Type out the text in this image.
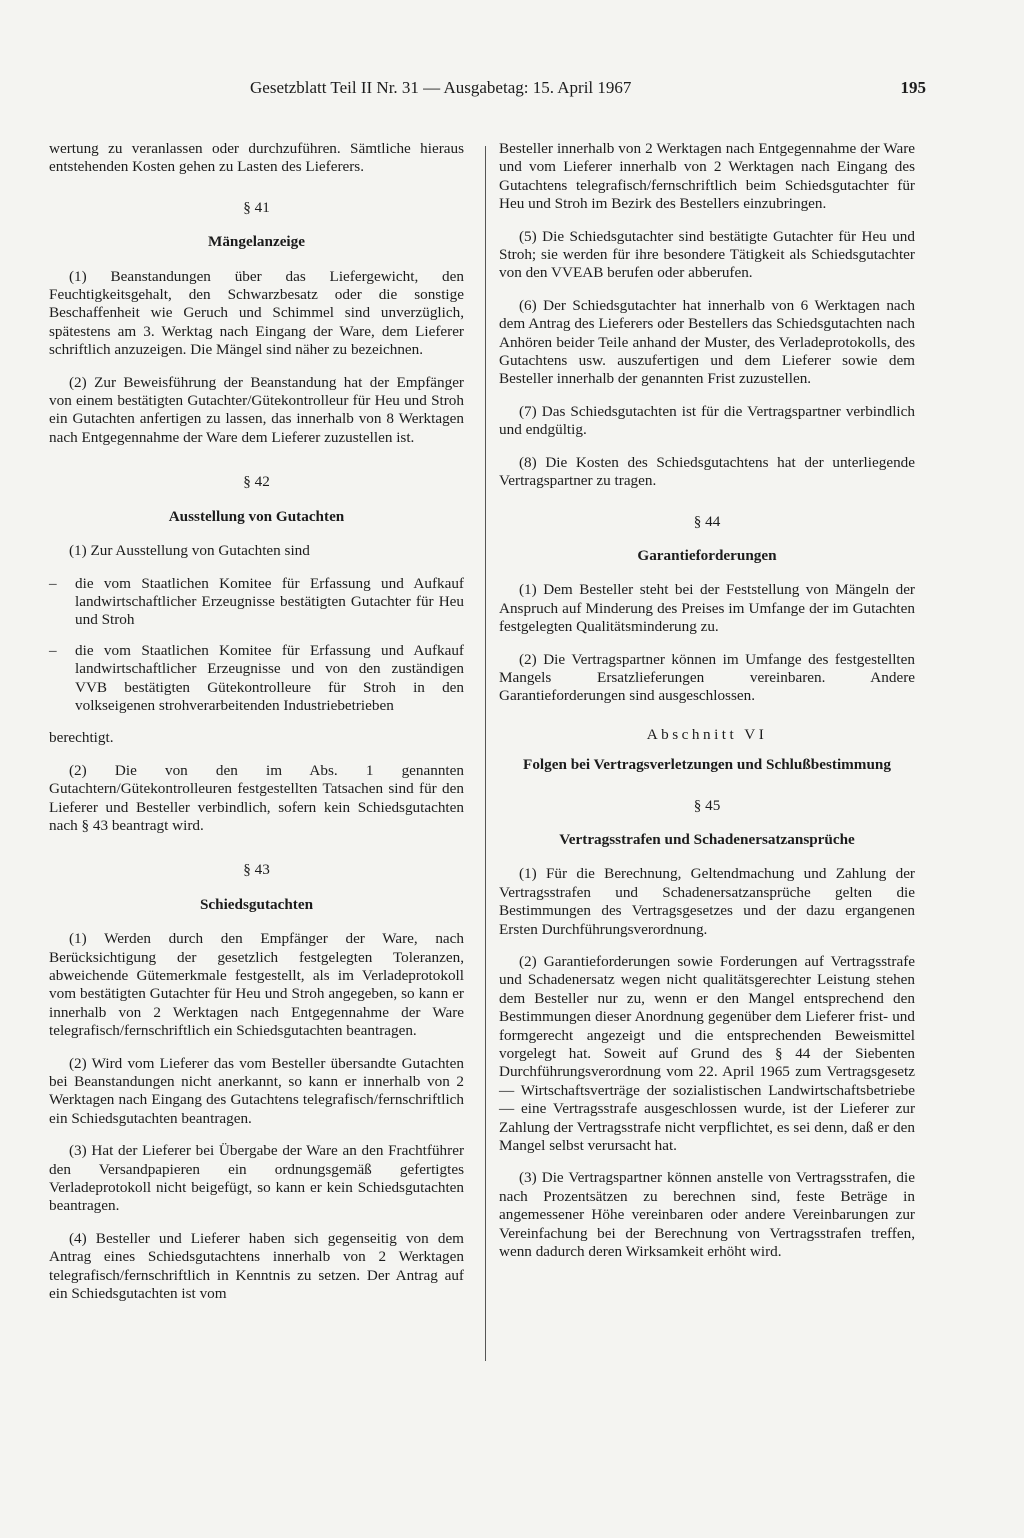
Gesetzblatt Teil II Nr. 31 — Ausgabetag: 15. April 1967	195

wertung zu veranlassen oder durchzuführen. Sämtliche hieraus entstehenden Kosten gehen zu Lasten des Lieferers.

§ 41
Mängelanzeige

(1) Beanstandungen über das Liefergewicht, den Feuchtigkeitsgehalt, den Schwarzbesatz oder die sonstige Beschaffenheit wie Geruch und Schimmel sind unverzüglich, spätestens am 3. Werktag nach Eingang der Ware, dem Lieferer schriftlich anzuzeigen. Die Mängel sind näher zu bezeichnen.

(2) Zur Beweisführung der Beanstandung hat der Empfänger von einem bestätigten Gutachter/Gütekontrolleur für Heu und Stroh ein Gutachten anfertigen zu lassen, das innerhalb von 8 Werktagen nach Entgegennahme der Ware dem Lieferer zuzustellen ist.

§ 42
Ausstellung von Gutachten

(1) Zur Ausstellung von Gutachten sind

– die vom Staatlichen Komitee für Erfassung und Aufkauf landwirtschaftlicher Erzeugnisse bestätigten Gutachter für Heu und Stroh
– die vom Staatlichen Komitee für Erfassung und Aufkauf landwirtschaftlicher Erzeugnisse und von den zuständigen VVB bestätigten Gütekontrolleure für Stroh in den volkseigenen strohverarbeitenden Industriebetrieben

berechtigt.

(2) Die von den im Abs. 1 genannten Gutachtern/Gütekontrolleuren festgestellten Tatsachen sind für den Lieferer und Besteller verbindlich, sofern kein Schiedsgutachten nach § 43 beantragt wird.

§ 43
Schiedsgutachten

(1) Werden durch den Empfänger der Ware, nach Berücksichtigung der gesetzlich festgelegten Toleranzen, abweichende Gütemerkmale festgestellt, als im Verladeprotokoll vom bestätigten Gutachter für Heu und Stroh angegeben, so kann er innerhalb von 2 Werktagen nach Entgegennahme der Ware telegrafisch/fernschriftlich ein Schiedsgutachten beantragen.

(2) Wird vom Lieferer das vom Besteller übersandte Gutachten bei Beanstandungen nicht anerkannt, so kann er innerhalb von 2 Werktagen nach Eingang des Gutachtens telegrafisch/fernschriftlich ein Schiedsgutachten beantragen.

(3) Hat der Lieferer bei Übergabe der Ware an den Frachtführer den Versandpapieren ein ordnungsgemäß gefertigtes Verladeprotokoll nicht beigefügt, so kann er kein Schiedsgutachten beantragen.

(4) Besteller und Lieferer haben sich gegenseitig von dem Antrag eines Schiedsgutachtens innerhalb von 2 Werktagen telegrafisch/fernschriftlich in Kenntnis zu setzen. Der Antrag auf ein Schiedsgutachten ist vom

Besteller innerhalb von 2 Werktagen nach Entgegennahme der Ware und vom Lieferer innerhalb von 2 Werktagen nach Eingang des Gutachtens telegrafisch/fernschriftlich beim Schiedsgutachter für Heu und Stroh im Bezirk des Bestellers einzubringen.

(5) Die Schiedsgutachter sind bestätigte Gutachter für Heu und Stroh; sie werden für ihre besondere Tätigkeit als Schiedsgutachter von den VVEAB berufen oder abberufen.

(6) Der Schiedsgutachter hat innerhalb von 6 Werktagen nach dem Antrag des Lieferers oder Bestellers das Schiedsgutachten nach Anhören beider Teile anhand der Muster, des Verladeprotokolls, des Gutachtens usw. auszufertigen und dem Lieferer sowie dem Besteller innerhalb der genannten Frist zuzustellen.

(7) Das Schiedsgutachten ist für die Vertragspartner verbindlich und endgültig.

(8) Die Kosten des Schiedsgutachtens hat der unterliegende Vertragspartner zu tragen.

§ 44
Garantieforderungen

(1) Dem Besteller steht bei der Feststellung von Mängeln der Anspruch auf Minderung des Preises im Umfange der im Gutachten festgelegten Qualitätsminderung zu.

(2) Die Vertragspartner können im Umfange des festgestellten Mangels Ersatzlieferungen vereinbaren. Andere Garantieforderungen sind ausgeschlossen.

Abschnitt VI
Folgen bei Vertragsverletzungen und Schlußbestimmung
§ 45
Vertragsstrafen und Schadenersatzansprüche

(1) Für die Berechnung, Geltendmachung und Zahlung der Vertragsstrafen und Schadenersatzansprüche gelten die Bestimmungen des Vertragsgesetzes und der dazu ergangenen Ersten Durchführungsverordnung.

(2) Garantieforderungen sowie Forderungen auf Vertragsstrafe und Schadenersatz wegen nicht qualitätsgerechter Leistung stehen dem Besteller nur zu, wenn er den Mangel entsprechend den Bestimmungen dieser Anordnung gegenüber dem Lieferer frist- und formgerecht angezeigt und die entsprechenden Beweismittel vorgelegt hat. Soweit auf Grund des § 44 der Siebenten Durchführungsverordnung vom 22. April 1965 zum Vertragsgesetz — Wirtschaftsverträge der sozialistischen Landwirtschaftsbetriebe — eine Vertragsstrafe ausgeschlossen wurde, ist der Lieferer zur Zahlung der Vertragsstrafe nicht verpflichtet, es sei denn, daß er den Mangel selbst verursacht hat.

(3) Die Vertragspartner können anstelle von Vertragsstrafen, die nach Prozentsätzen zu berechnen sind, feste Beträge in angemessener Höhe vereinbaren oder andere Vereinbarungen zur Vereinfachung bei der Berechnung von Vertragsstrafen treffen, wenn dadurch deren Wirksamkeit erhöht wird.
